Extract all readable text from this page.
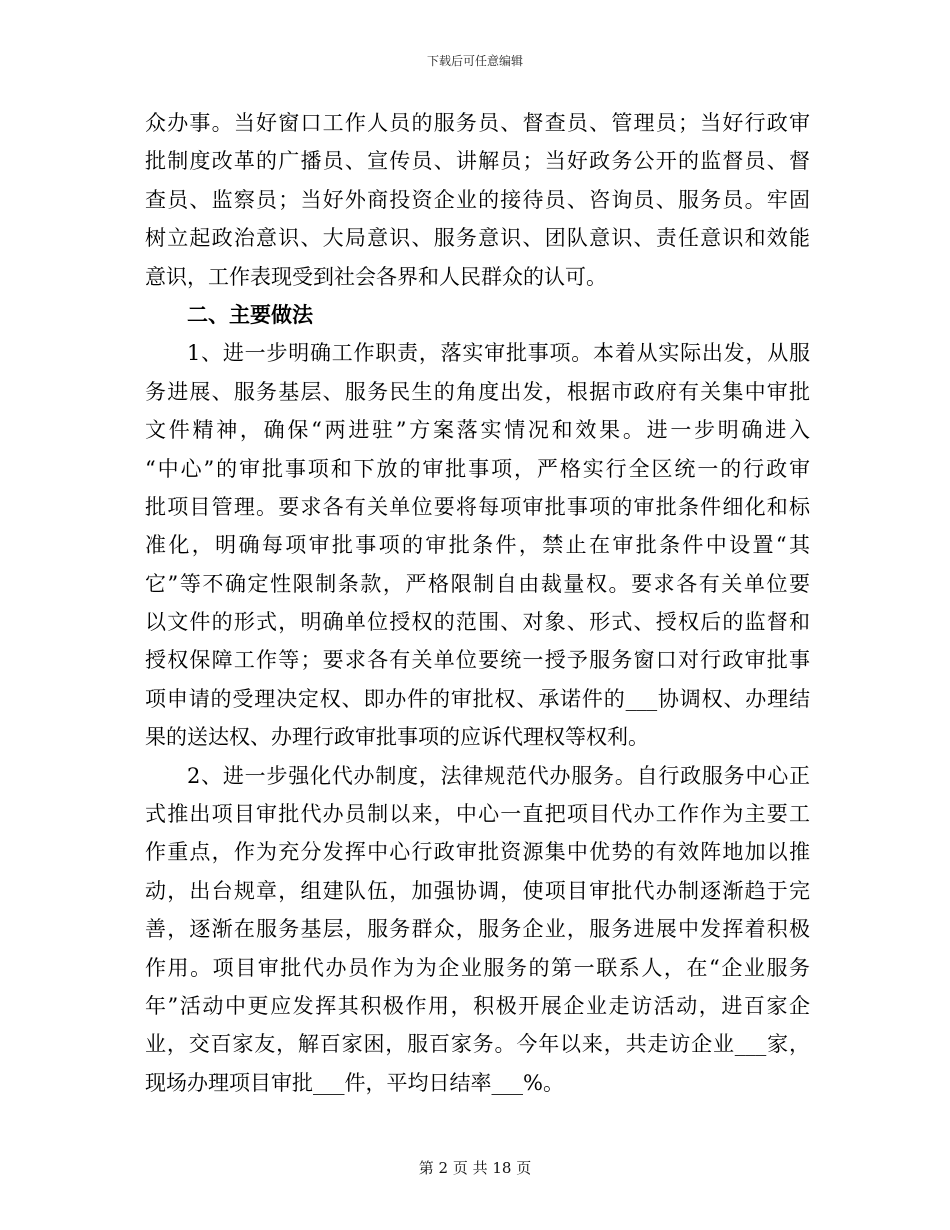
下载后可任意编辑
众办事。当好窗口工作人员的服务员、督查员、管理员；当好行政审
批制度改革的广播员、宣传员、讲解员；当好政务公开的监督员、督
查员、监察员；当好外商投资企业的接待员、咨询员、服务员。牢固
树立起政治意识、大局意识、服务意识、团队意识、责任意识和效能
意识，工作表现受到社会各界和人民群众的认可。
二、主要做法
1、进一步明确工作职责，落实审批事项。本着从实际出发，从服
务进展、服务基层、服务民生的角度出发，根据市政府有关集中审批
文件精神，确保“两进驻”方案落实情况和效果。进一步明确进入
“中心”的审批事项和下放的审批事项，严格实行全区统一的行政审
批项目管理。要求各有关单位要将每项审批事项的审批条件细化和标
准化，明确每项审批事项的审批条件，禁止在审批条件中设置“其
它”等不确定性限制条款，严格限制自由裁量权。要求各有关单位要
以文件的形式，明确单位授权的范围、对象、形式、授权后的监督和
授权保障工作等；要求各有关单位要统一授予服务窗口对行政审批事
项申请的受理决定权、即办件的审批权、承诺件的___协调权、办理结
果的送达权、办理行政审批事项的应诉代理权等权利。
2、进一步强化代办制度，法律规范代办服务。自行政服务中心正
式推出项目审批代办员制以来，中心一直把项目代办工作作为主要工
作重点，作为充分发挥中心行政审批资源集中优势的有效阵地加以推
动，出台规章，组建队伍，加强协调，使项目审批代办制逐渐趋于完
善，逐渐在服务基层，服务群众，服务企业，服务进展中发挥着积极
作用。项目审批代办员作为为企业服务的第一联系人，在“企业服务
年”活动中更应发挥其积极作用，积极开展企业走访活动，进百家企
业，交百家友，解百家困，服百家务。今年以来，共走访企业___家，
现场办理项目审批___件，平均日结率___%。
第 2 页 共 18 页
